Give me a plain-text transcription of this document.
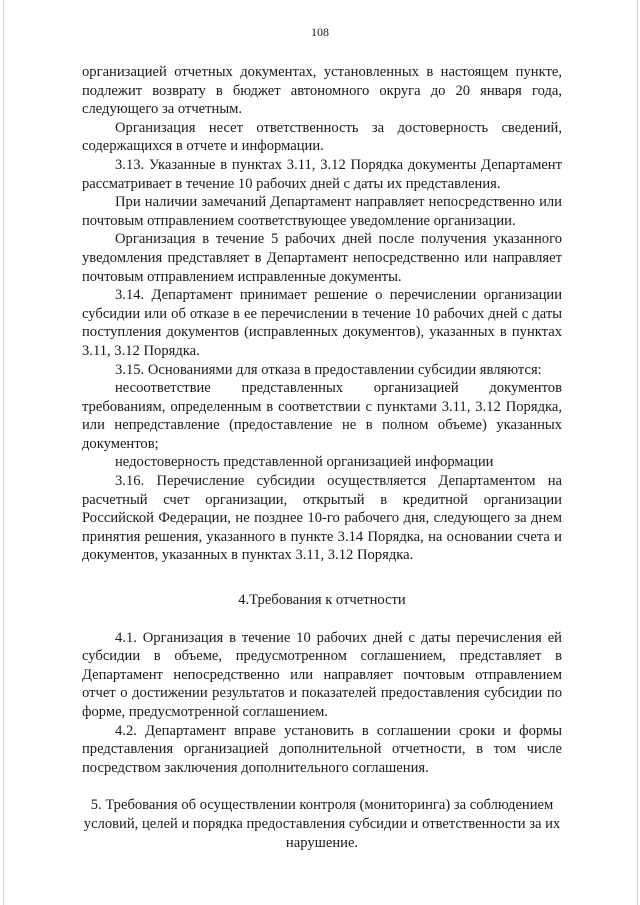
108

организацией отчетных документах, установленных в настоящем пункте, подлежит возврату в бюджет автономного округа до 20 января года, следующего за отчетным.

Организация несет ответственность за достоверность сведений, содержащихся в отчете и информации.

3.13. Указанные в пунктах 3.11, 3.12 Порядка документы Департамент рассматривает в течение 10 рабочих дней с даты их представления.

При наличии замечаний Департамент направляет непосредственно или почтовым отправлением соответствующее уведомление организации.

Организация в течение 5 рабочих дней после получения указанного уведомления представляет в Департамент непосредственно или направляет почтовым отправлением исправленные документы.

3.14. Департамент принимает решение о перечислении организации субсидии или об отказе в ее перечислении в течение 10 рабочих дней с даты поступления документов (исправленных документов), указанных в пунктах 3.11, 3.12 Порядка.

3.15. Основаниями для отказа в предоставлении субсидии являются:

несоответствие представленных организацией документов требованиям, определенным в соответствии с пунктами 3.11, 3.12 Порядка, или непредставление (предоставление не в полном объеме) указанных документов;

недостоверность представленной организацией информации

3.16. Перечисление субсидии осуществляется Департаментом на расчетный счет организации, открытый в кредитной организации Российской Федерации, не позднее 10-го рабочего дня, следующего за днем принятия решения, указанного в пункте 3.14 Порядка, на основании счета и документов, указанных в пунктах 3.11, 3.12 Порядка.

4.Требования к отчетности

4.1. Организация в течение 10 рабочих дней с даты перечисления ей субсидии в объеме, предусмотренном соглашением, представляет в Департамент непосредственно или направляет почтовым отправлением отчет о достижении результатов и показателей предоставления субсидии по форме, предусмотренной соглашением.

4.2. Департамент вправе установить в соглашении сроки и формы представления организацией дополнительной отчетности, в том числе посредством заключения дополнительного соглашения.

5. Требования об осуществлении контроля (мониторинга) за соблюдением условий, целей и порядка предоставления субсидии и ответственности за их нарушение.
